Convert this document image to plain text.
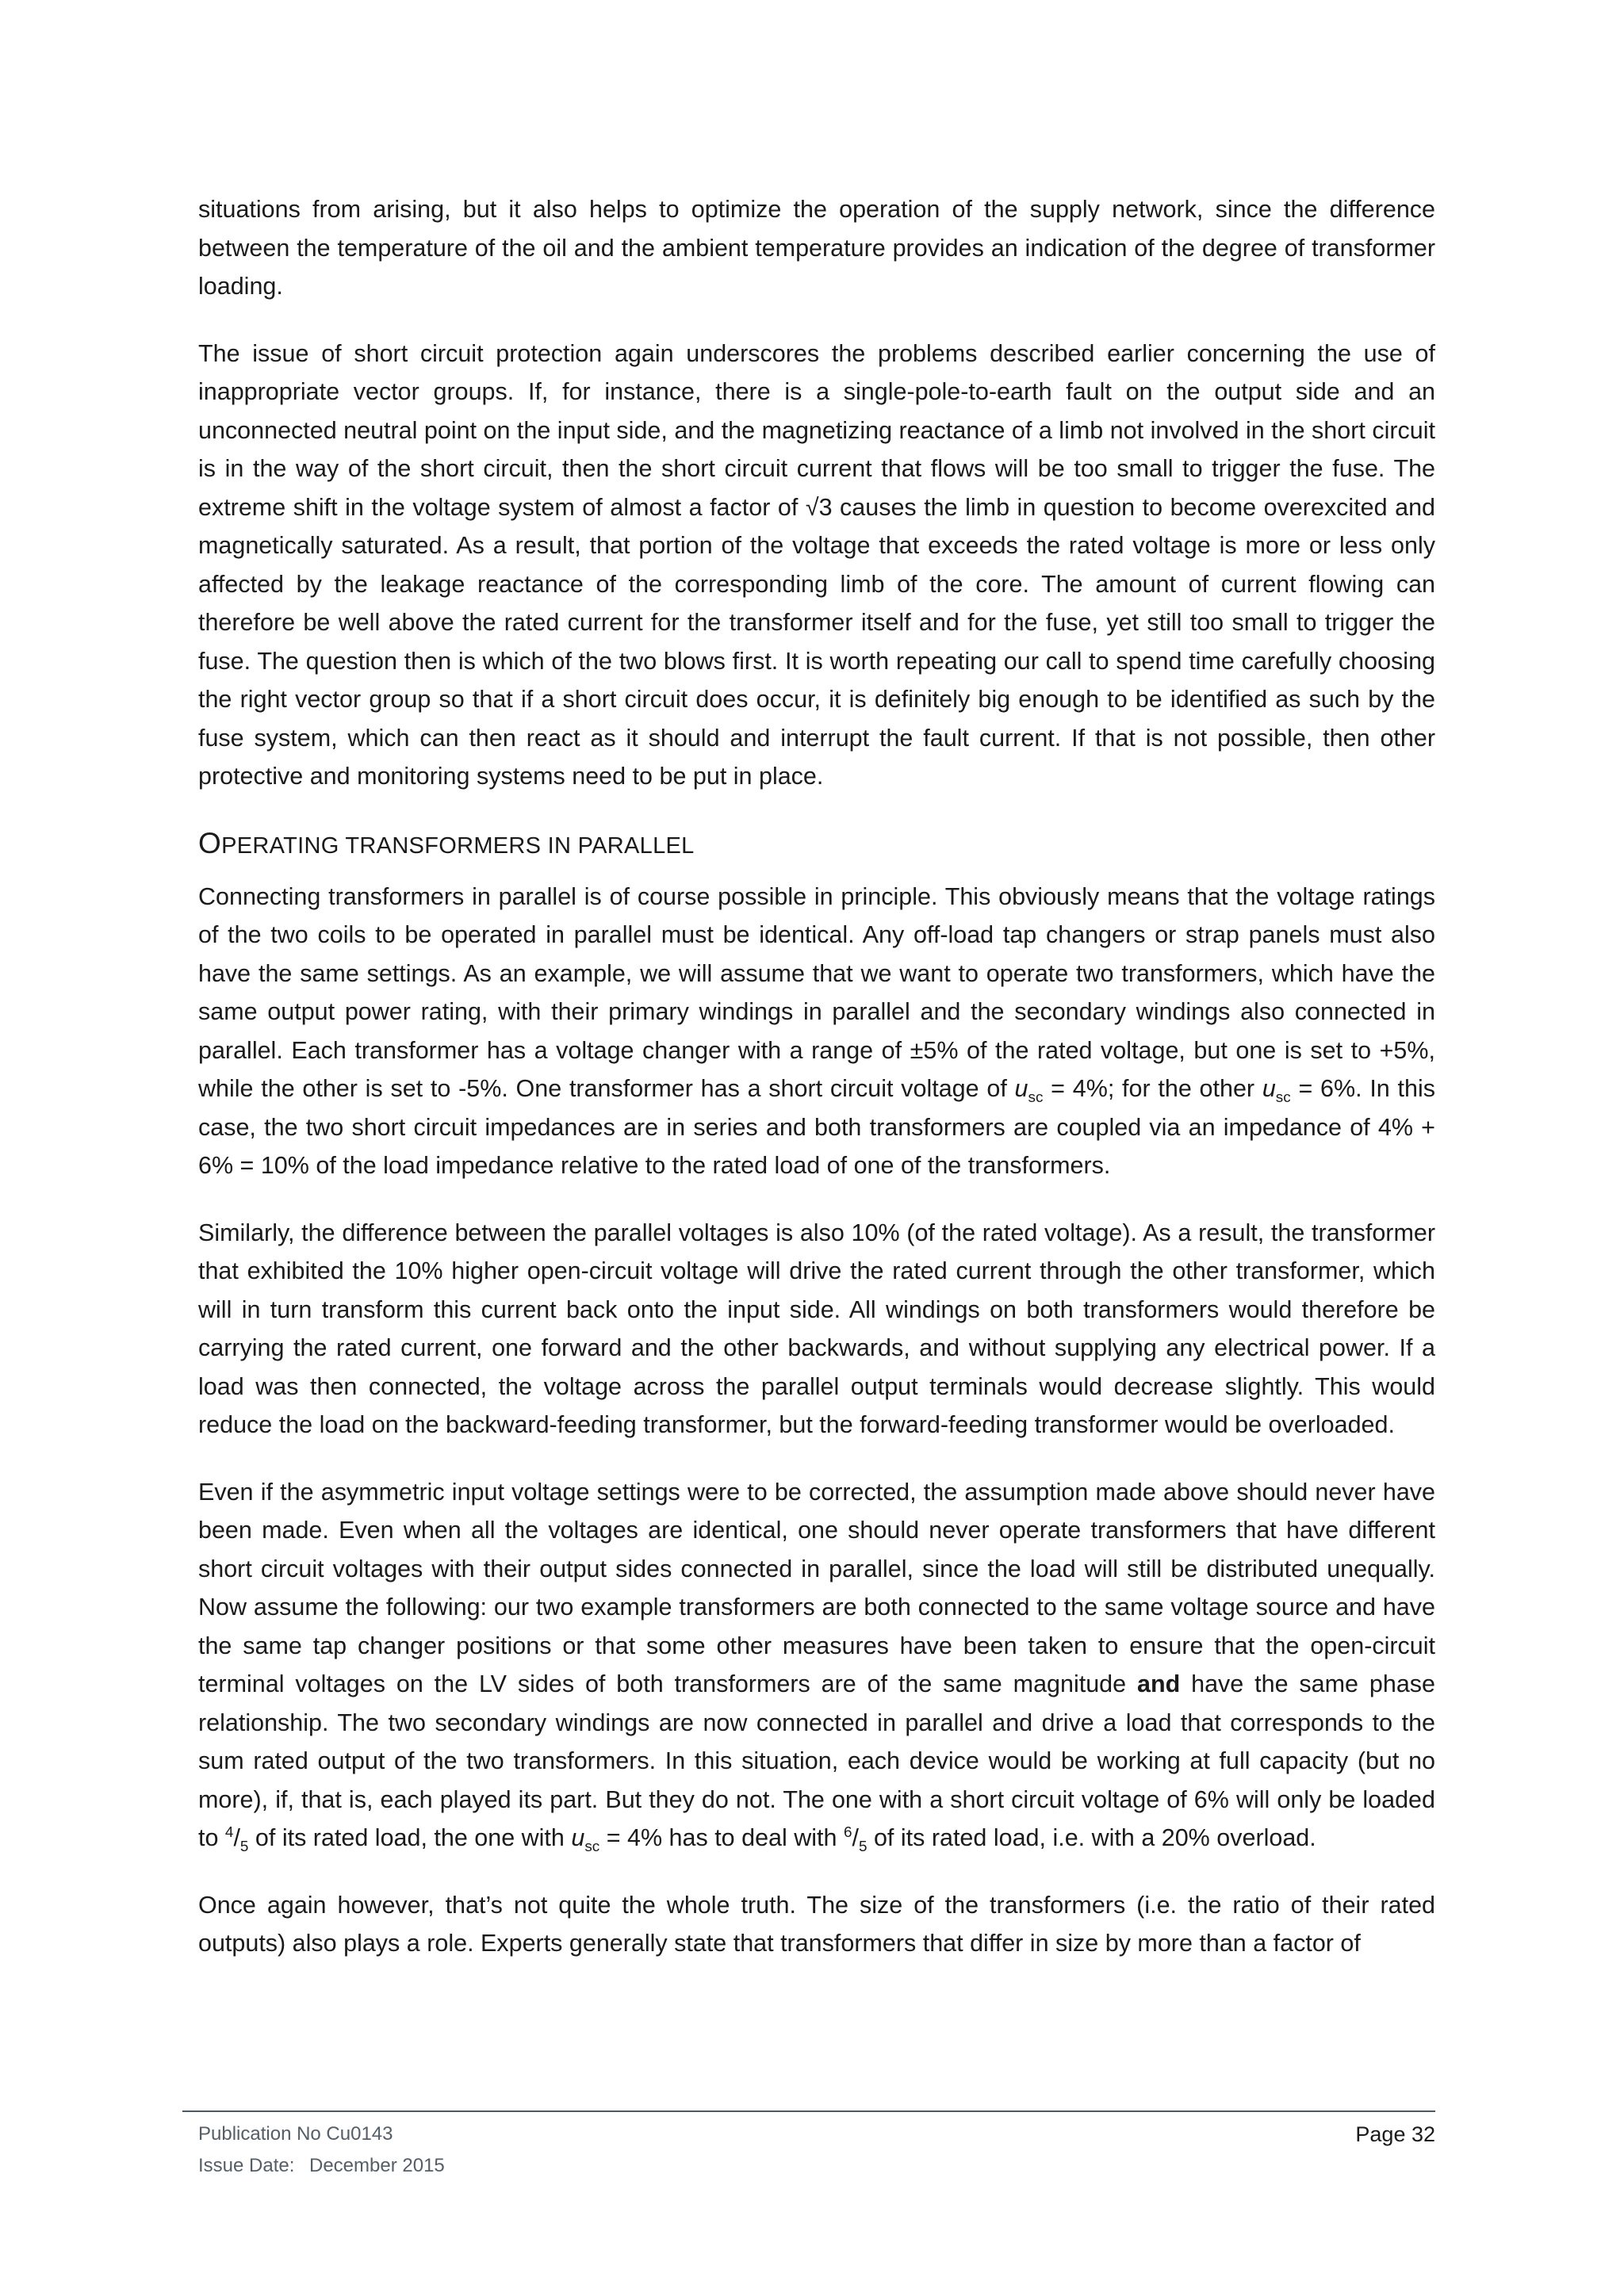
situations from arising, but it also helps to optimize the operation of the supply network, since the difference between the temperature of the oil and the ambient temperature provides an indication of the degree of transformer loading.

The issue of short circuit protection again underscores the problems described earlier concerning the use of inappropriate vector groups. If, for instance, there is a single-pole-to-earth fault on the output side and an unconnected neutral point on the input side, and the magnetizing reactance of a limb not involved in the short circuit is in the way of the short circuit, then the short circuit current that flows will be too small to trigger the fuse. The extreme shift in the voltage system of almost a factor of √3 causes the limb in question to become overexcited and magnetically saturated. As a result, that portion of the voltage that exceeds the rated voltage is more or less only affected by the leakage reactance of the corresponding limb of the core. The amount of current flowing can therefore be well above the rated current for the transformer itself and for the fuse, yet still too small to trigger the fuse. The question then is which of the two blows first. It is worth repeating our call to spend time carefully choosing the right vector group so that if a short circuit does occur, it is definitely big enough to be identified as such by the fuse system, which can then react as it should and interrupt the fault current. If that is not possible, then other protective and monitoring systems need to be put in place.

OPERATING TRANSFORMERS IN PARALLEL

Connecting transformers in parallel is of course possible in principle. This obviously means that the voltage ratings of the two coils to be operated in parallel must be identical. Any off-load tap changers or strap panels must also have the same settings. As an example, we will assume that we want to operate two transformers, which have the same output power rating, with their primary windings in parallel and the secondary windings also connected in parallel. Each transformer has a voltage changer with a range of ±5% of the rated voltage, but one is set to +5%, while the other is set to -5%. One transformer has a short circuit voltage of $u_{sc} = 4\%$; for the other $u_{sc} = 6\%$. In this case, the two short circuit impedances are in series and both transformers are coupled via an impedance of 4% + 6% = 10% of the load impedance relative to the rated load of one of the transformers.

Similarly, the difference between the parallel voltages is also 10% (of the rated voltage). As a result, the transformer that exhibited the 10% higher open-circuit voltage will drive the rated current through the other transformer, which will in turn transform this current back onto the input side. All windings on both transformers would therefore be carrying the rated current, one forward and the other backwards, and without supplying any electrical power. If a load was then connected, the voltage across the parallel output terminals would decrease slightly. This would reduce the load on the backward-feeding transformer, but the forward-feeding transformer would be overloaded.

Even if the asymmetric input voltage settings were to be corrected, the assumption made above should never have been made. Even when all the voltages are identical, one should never operate transformers that have different short circuit voltages with their output sides connected in parallel, since the load will still be distributed unequally. Now assume the following: our two example transformers are both connected to the same voltage source and have the same tap changer positions or that some other measures have been taken to ensure that the open-circuit terminal voltages on the LV sides of both transformers are of the same magnitude and have the same phase relationship. The two secondary windings are now connected in parallel and drive a load that corresponds to the sum rated output of the two transformers. In this situation, each device would be working at full capacity (but no more), if, that is, each played its part. But they do not. The one with a short circuit voltage of 6% will only be loaded to $^4/_5$ of its rated load, the one with $u_{sc} = 4\%$ has to deal with $^6/_5$ of its rated load, i.e. with a 20% overload.

Once again however, that’s not quite the whole truth. The size of the transformers (i.e. the ratio of their rated outputs) also plays a role. Experts generally state that transformers that differ in size by more than a factor of

Publication No Cu0143
Issue Date: December 2015
Page 32
